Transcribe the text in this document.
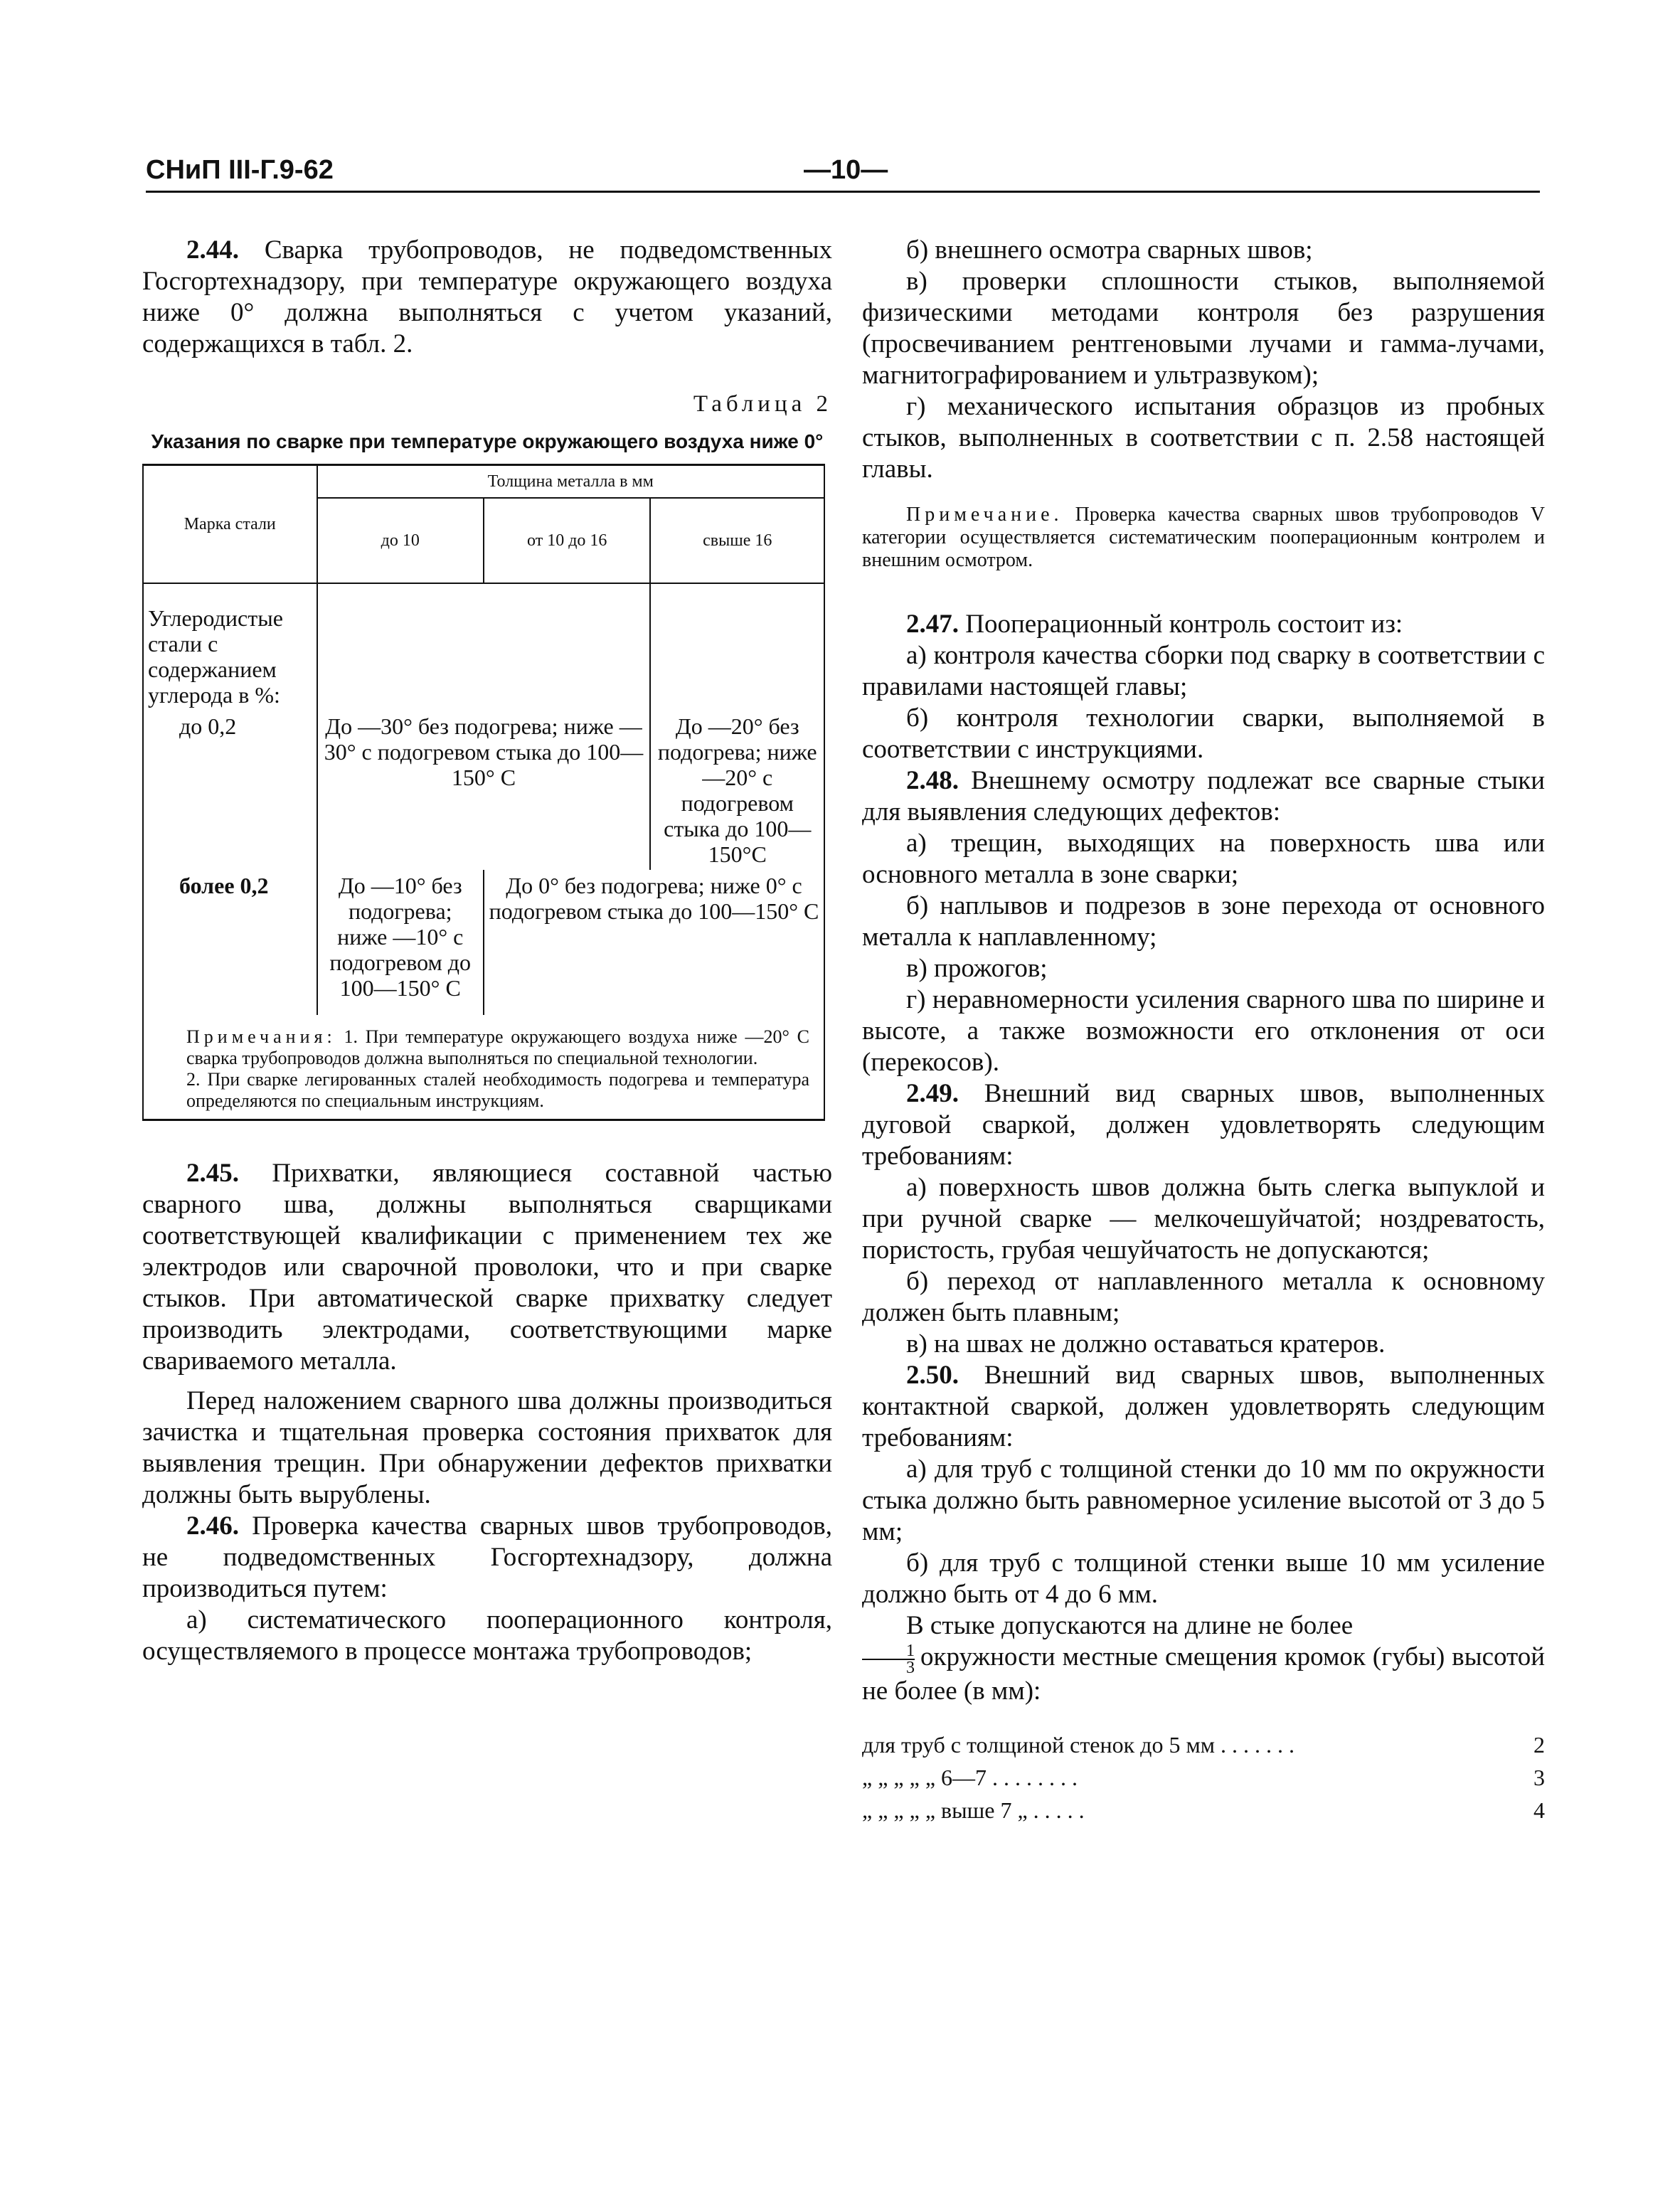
СНиП III-Г.9-62	—10—

2.44. Сварка трубопроводов, не подведомственных Госгортехнадзору, при температуре окружающего воздуха ниже 0° должна выполняться с учетом указаний, содержащихся в табл. 2.

Таблица 2
Указания по сварке при температуре окружающего воздуха ниже 0°
Марка стали	Толщина металла в мм		
	до 10	от 10 до 16	свыше 16
Углеродистые стали с содержанием углерода в %:			
до 0,2	До —30° без подогрева; ниже —30° с подогревом стыка до 100—150° С		До —20° без подогрева; ниже —20° с подогревом стыка до 100—150°С
более 0,2	До —10° без подогрева; ниже —10° с подогревом до 100—150° С	До 0° без подогрева; ниже 0° с подогревом стыка до 100—150° С	
Примечания: 1. При температуре окружающего воздуха ниже —20° С сварка трубопроводов должна выполняться по специальной технологии.
2. При сварке легированных сталей необходимость подогрева и температура определяются по специальным инструкциям.			

2.45. Прихватки, являющиеся составной частью сварного шва, должны выполняться сварщиками соответствующей квалификации с применением тех же электродов или сварочной проволоки, что и при сварке стыков. При автоматической сварке прихватку следует производить электродами, соответствующими марке свариваемого металла.

Перед наложением сварного шва должны производиться зачистка и тщательная проверка состояния прихваток для выявления трещин. При обнаружении дефектов прихватки должны быть вырублены.

2.46. Проверка качества сварных швов трубопроводов, не подведомственных Госгортехнадзору, должна производиться путем:

а) систематического пооперационного контроля, осуществляемого в процессе монтажа трубопроводов;

б) внешнего осмотра сварных швов;

в) проверки сплошности стыков, выполняемой физическими методами контроля без разрушения (просвечиванием рентгеновыми лучами и гамма-лучами, магнитографированием и ультразвуком);

г) механического испытания образцов из пробных стыков, выполненных в соответствии с п. 2.58 настоящей главы.

Примечание. Проверка качества сварных швов трубопроводов V категории осуществляется систематическим пооперационным контролем и внешним осмотром.

2.47. Пооперационный контроль состоит из:

а) контроля качества сборки под сварку в соответствии с правилами настоящей главы;

б) контроля технологии сварки, выполняемой в соответствии с инструкциями.

2.48. Внешнему осмотру подлежат все сварные стыки для выявления следующих дефектов:

а) трещин, выходящих на поверхность шва или основного металла в зоне сварки;

б) наплывов и подрезов в зоне перехода от основного металла к наплавленному;

в) прожогов;

г) неравномерности усиления сварного шва по ширине и высоте, а также возможности его отклонения от оси (перекосов).

2.49. Внешний вид сварных швов, выполненных дуговой сваркой, должен удовлетворять следующим требованиям:

а) поверхность швов должна быть слегка выпуклой и при ручной сварке — мелкочешуйчатой; ноздреватость, пористость, грубая чешуйчатость не допускаются;

б) переход от наплавленного металла к основному должен быть плавным;

в) на швах не должно оставаться кратеров.

2.50. Внешний вид сварных швов, выполненных контактной сваркой, должен удовлетворять следующим требованиям:

а) для труб с толщиной стенки до 10 мм по окружности стыка должно быть равномерное усиление высотой от 3 до 5 мм;

б) для труб с толщиной стенки выше 10 мм усиление должно быть от 4 до 6 мм.

В стыке допускаются на длине не более

$\frac{1}{3}$ окружности местные смещения кромок (губы) высотой не более (в мм):

для труб с толщиной стенок до 5 мм . . . . . . .	2
„ „ „ „ „ 6—7 . . . . . . . .	3
„ „ „ „ „ выше 7 „ . . . . .	4
